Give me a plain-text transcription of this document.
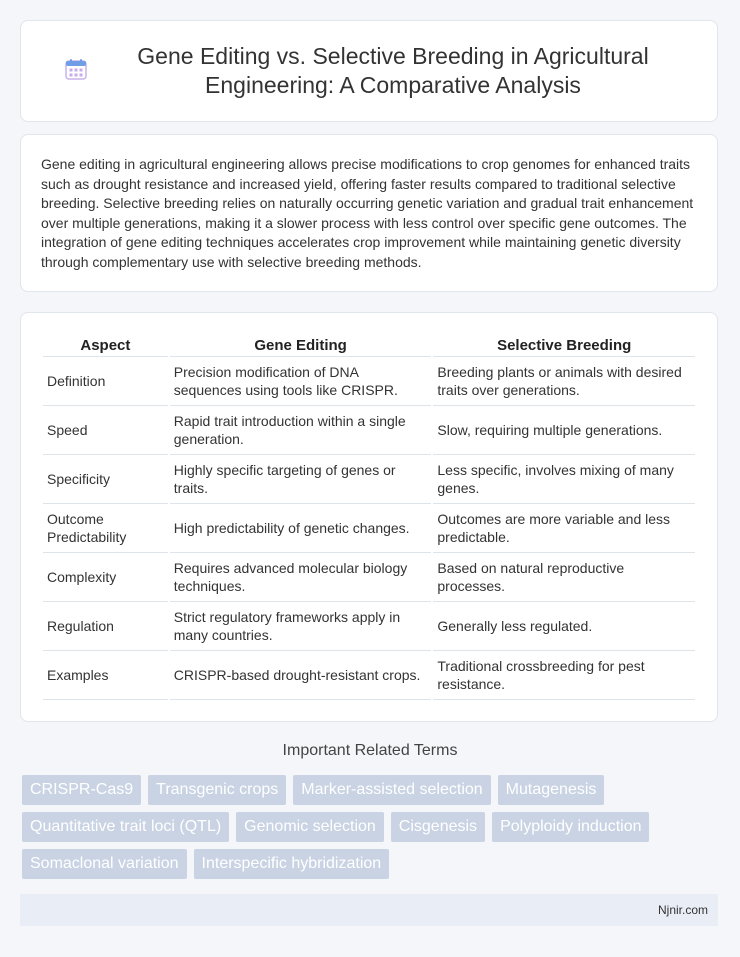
Gene Editing vs. Selective Breeding in Agricultural Engineering: A Comparative Analysis

Gene editing in agricultural engineering allows precise modifications to crop genomes for enhanced traits such as drought resistance and increased yield, offering faster results compared to traditional selective breeding. Selective breeding relies on naturally occurring genetic variation and gradual trait enhancement over multiple generations, making it a slower process with less control over specific gene outcomes. The integration of gene editing techniques accelerates crop improvement while maintaining genetic diversity through complementary use with selective breeding methods.

Aspect	Gene Editing	Selective Breeding
Definition	Precision modification of DNA sequences using tools like CRISPR.	Breeding plants or animals with desired traits over generations.
Speed	Rapid trait introduction within a single generation.	Slow, requiring multiple generations.
Specificity	Highly specific targeting of genes or traits.	Less specific, involves mixing of many genes.
Outcome Predictability	High predictability of genetic changes.	Outcomes are more variable and less predictable.
Complexity	Requires advanced molecular biology techniques.	Based on natural reproductive processes.
Regulation	Strict regulatory frameworks apply in many countries.	Generally less regulated.
Examples	CRISPR-based drought-resistant crops.	Traditional crossbreeding for pest resistance.
Important Related Terms
CRISPR-Cas9	Transgenic crops	Marker-assisted selection	Mutagenesis
Quantitative trait loci (QTL)	Genomic selection	Cisgenesis	Polyploidy induction
Somaclonal variation	Interspecific hybridization
Njnir.com
